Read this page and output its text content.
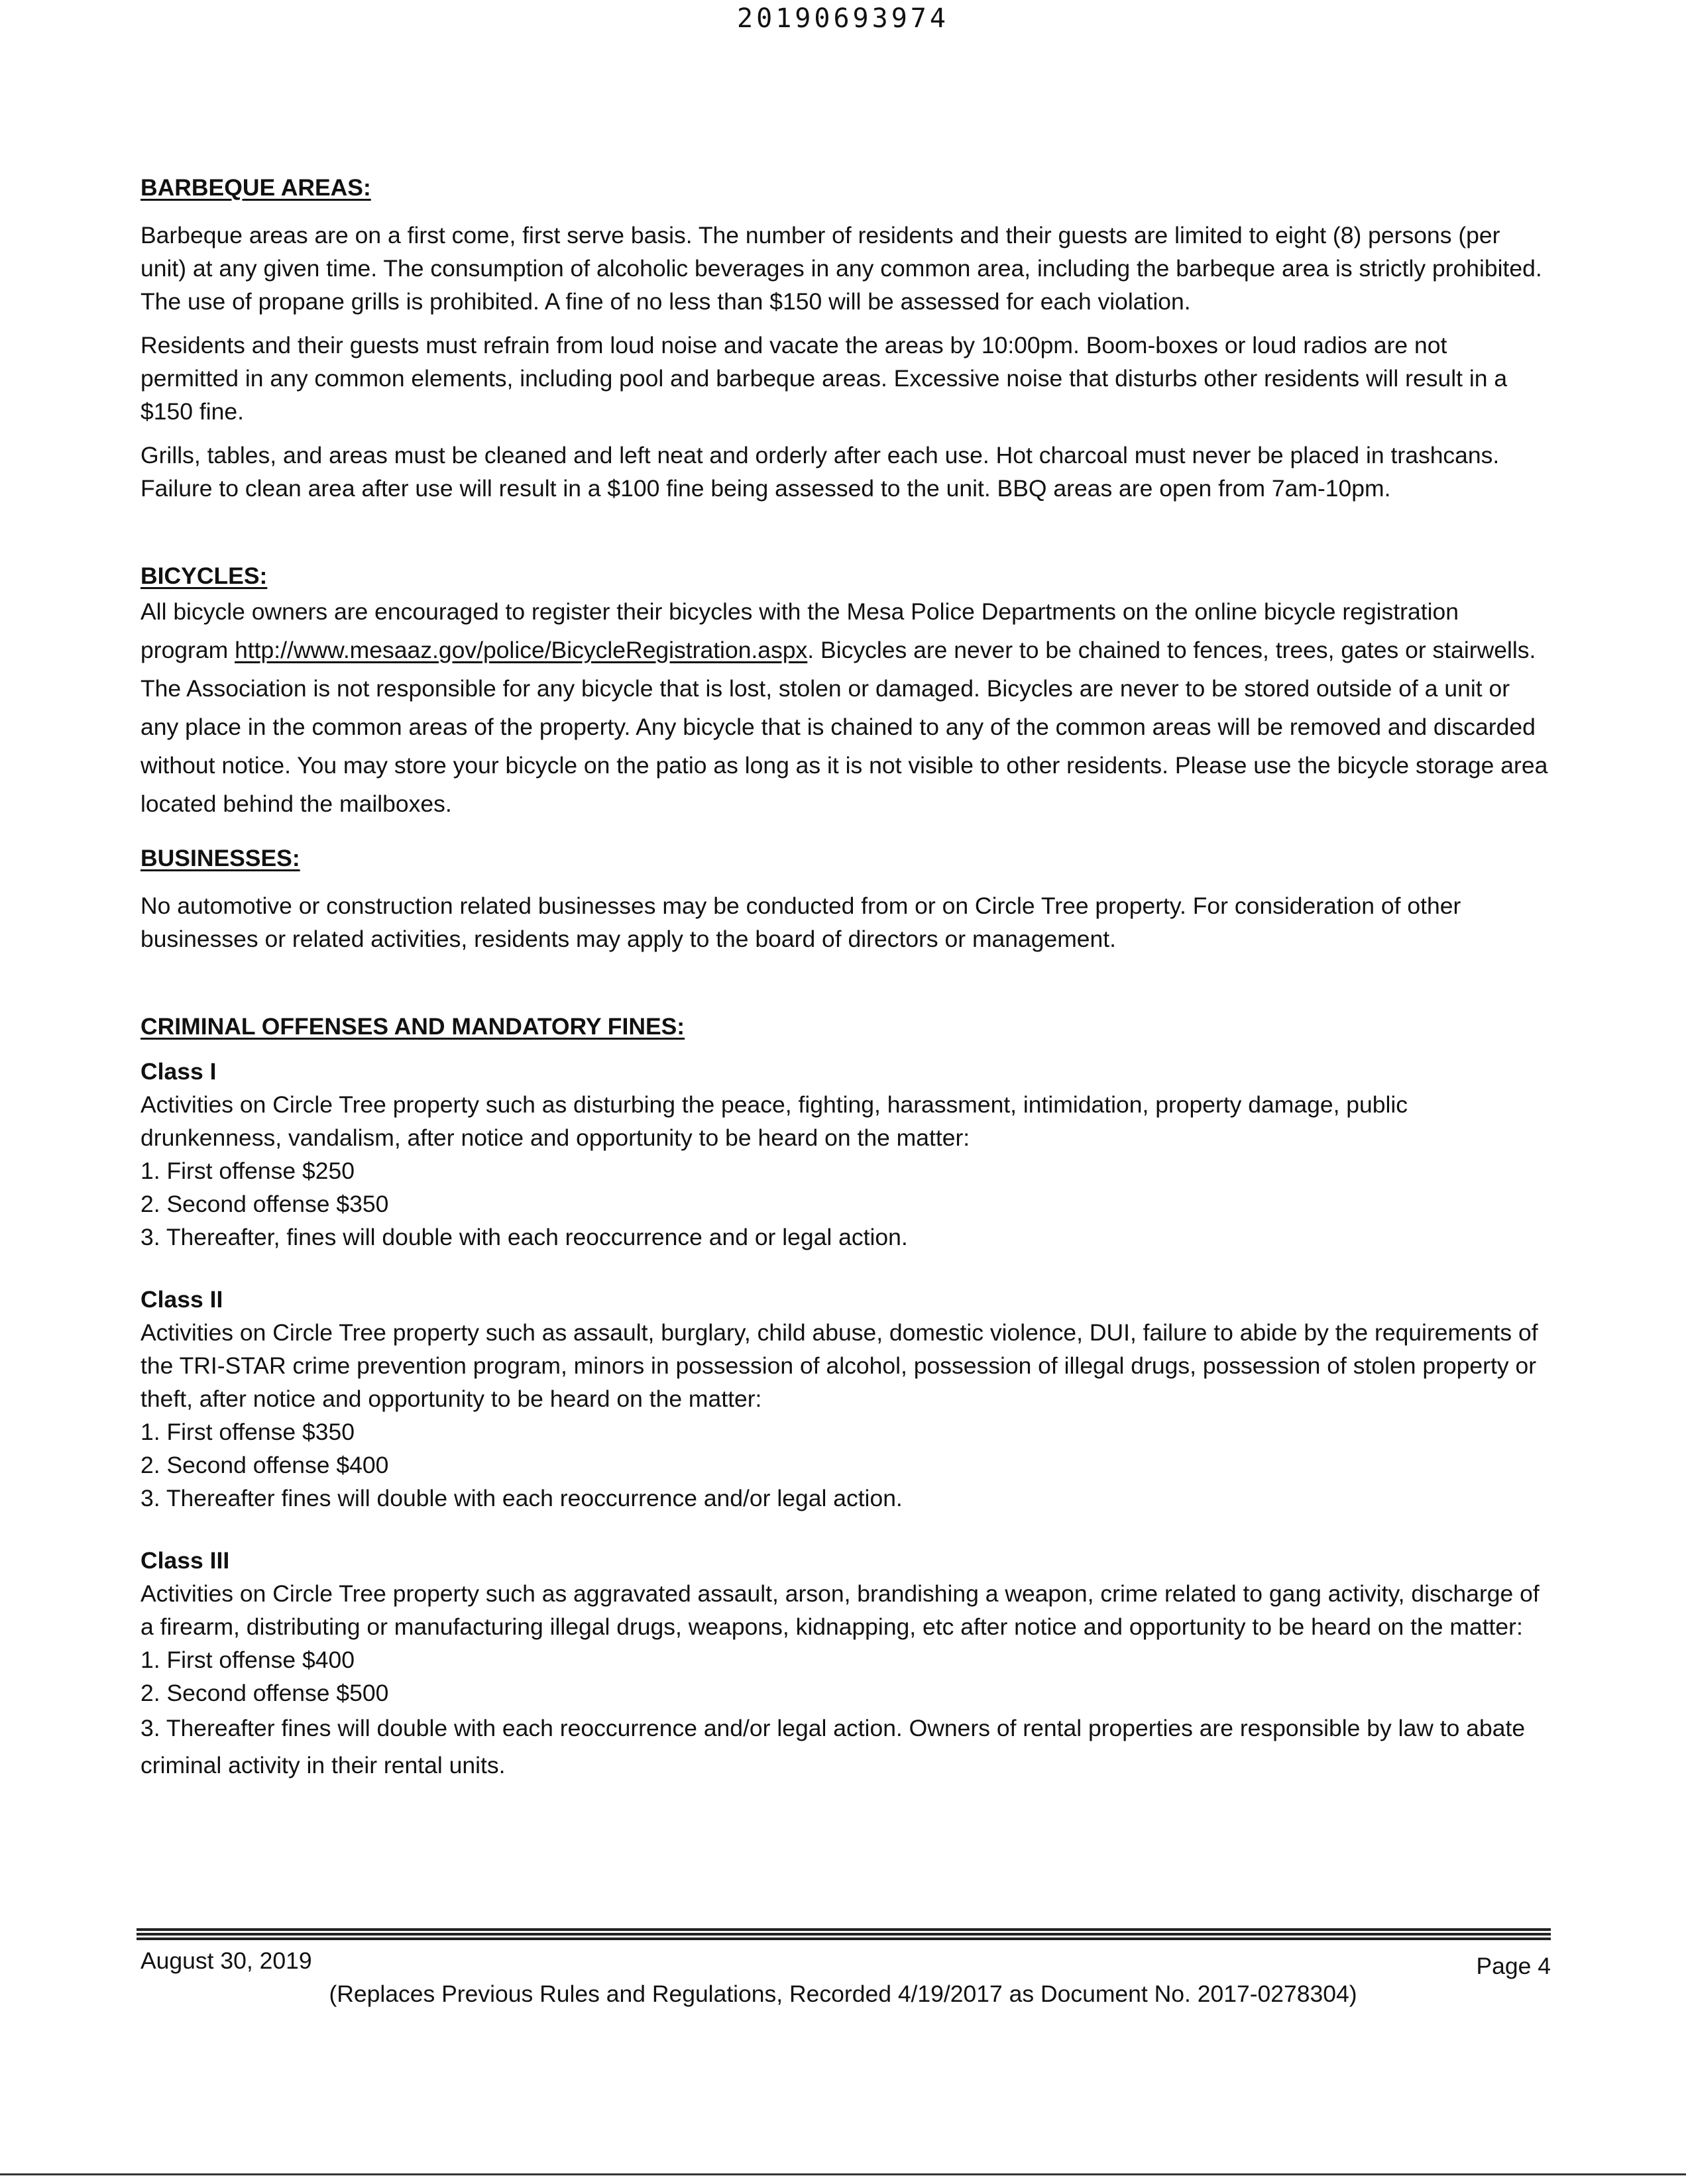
20190693974

BARBEQUE AREAS:

Barbeque areas are on a first come, first serve basis. The number of residents and their guests are limited to eight (8) persons (per unit) at any given time. The consumption of alcoholic beverages in any common area, including the barbeque area is strictly prohibited. The use of propane grills is prohibited. A fine of no less than $150 will be assessed for each violation.

Residents and their guests must refrain from loud noise and vacate the areas by 10:00pm. Boom-boxes or loud radios are not permitted in any common elements, including pool and barbeque areas. Excessive noise that disturbs other residents will result in a $150 fine.

Grills, tables, and areas must be cleaned and left neat and orderly after each use. Hot charcoal must never be placed in trashcans. Failure to clean area after use will result in a $100 fine being assessed to the unit. BBQ areas are open from 7am-10pm.

BICYCLES:

All bicycle owners are encouraged to register their bicycles with the Mesa Police Departments on the online bicycle registration program http://www.mesaaz.gov/police/BicycleRegistration.aspx. Bicycles are never to be chained to fences, trees, gates or stairwells. The Association is not responsible for any bicycle that is lost, stolen or damaged. Bicycles are never to be stored outside of a unit or any place in the common areas of the property. Any bicycle that is chained to any of the common areas will be removed and discarded without notice. You may store your bicycle on the patio as long as it is not visible to other residents. Please use the bicycle storage area located behind the mailboxes.

BUSINESSES:

No automotive or construction related businesses may be conducted from or on Circle Tree property. For consideration of other businesses or related activities, residents may apply to the board of directors or management.

CRIMINAL OFFENSES AND MANDATORY FINES:

Class I

Activities on Circle Tree property such as disturbing the peace, fighting, harassment, intimidation, property damage, public drunkenness, vandalism, after notice and opportunity to be heard on the matter:

1. First offense $250

2. Second offense $350

3. Thereafter, fines will double with each reoccurrence and or legal action.

Class II

Activities on Circle Tree property such as assault, burglary, child abuse, domestic violence, DUI, failure to abide by the requirements of the TRI-STAR crime prevention program, minors in possession of alcohol, possession of illegal drugs, possession of stolen property or theft, after notice and opportunity to be heard on the matter:

1. First offense $350

2. Second offense $400

3. Thereafter fines will double with each reoccurrence and/or legal action.

Class III

Activities on Circle Tree property such as aggravated assault, arson, brandishing a weapon, crime related to gang activity, discharge of a firearm, distributing or manufacturing illegal drugs, weapons, kidnapping, etc after notice and opportunity to be heard on the matter:

1. First offense $400

2. Second offense $500

3. Thereafter fines will double with each reoccurrence and/or legal action. Owners of rental properties are responsible by law to abate criminal activity in their rental units.

August 30, 2019	Page 4
(Replaces Previous Rules and Regulations, Recorded 4/19/2017 as Document No. 2017-0278304)
